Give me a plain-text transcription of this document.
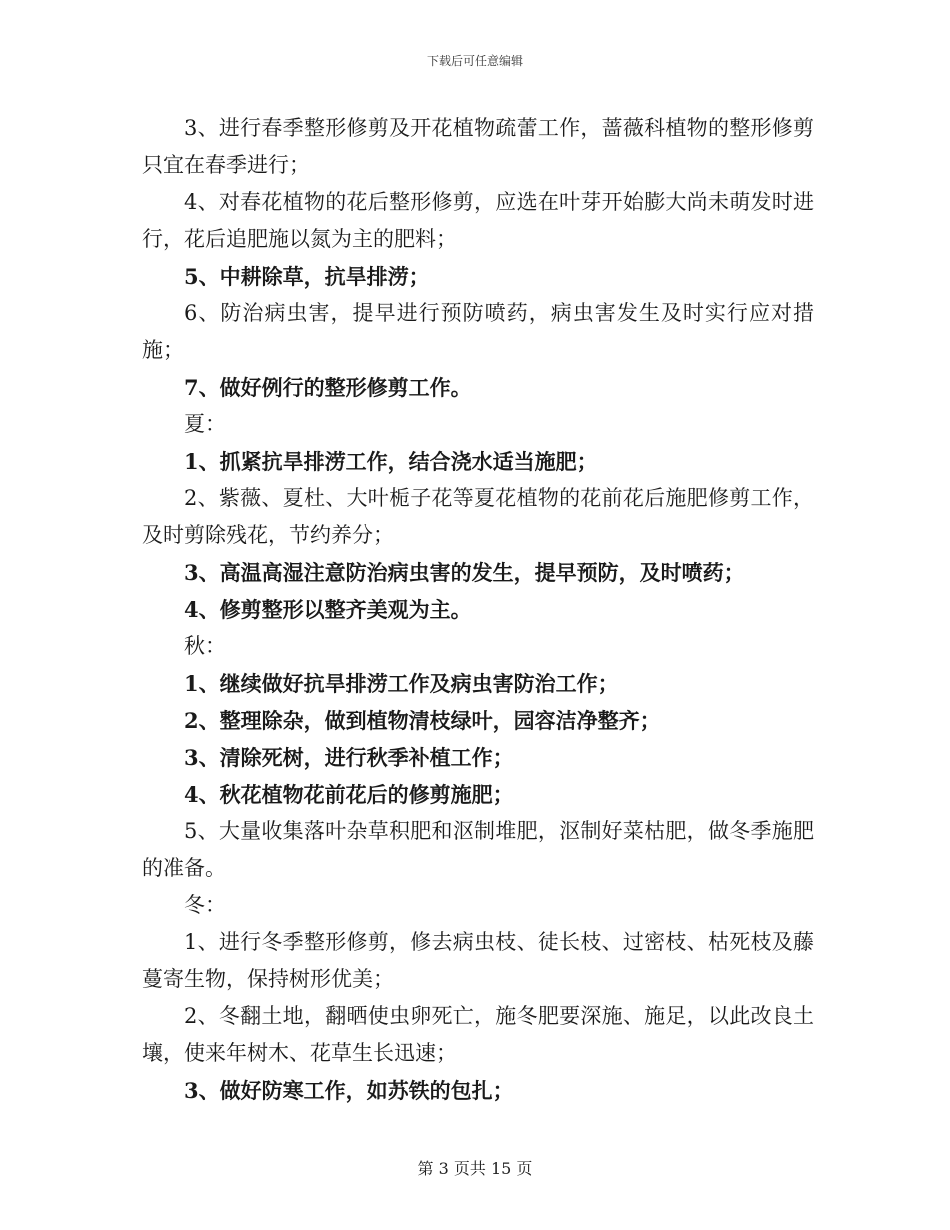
下载后可任意编辑

3、进行春季整形修剪及开花植物疏蕾工作，蔷薇科植物的整形修剪只宜在春季进行；

4、对春花植物的花后整形修剪，应选在叶芽开始膨大尚未萌发时进行，花后追肥施以氮为主的肥料；

5、中耕除草，抗旱排涝；

6、防治病虫害，提早进行预防喷药，病虫害发生及时实行应对措施；

7、做好例行的整形修剪工作。

夏：

1、抓紧抗旱排涝工作，结合浇水适当施肥；

2、紫薇、夏杜、大叶栀子花等夏花植物的花前花后施肥修剪工作，及时剪除残花，节约养分；

3、高温高湿注意防治病虫害的发生，提早预防，及时喷药；

4、修剪整形以整齐美观为主。

秋：

1、继续做好抗旱排涝工作及病虫害防治工作；

2、整理除杂，做到植物清枝绿叶，园容洁净整齐；

3、清除死树，进行秋季补植工作；

4、秋花植物花前花后的修剪施肥；

5、大量收集落叶杂草积肥和沤制堆肥，沤制好菜枯肥，做冬季施肥的准备。

冬：

1、进行冬季整形修剪，修去病虫枝、徒长枝、过密枝、枯死枝及藤蔓寄生物，保持树形优美；

2、冬翻土地，翻晒使虫卵死亡，施冬肥要深施、施足，以此改良土壤，使来年树木、花草生长迅速；

3、做好防寒工作，如苏铁的包扎；

第 3 页共 15 页
